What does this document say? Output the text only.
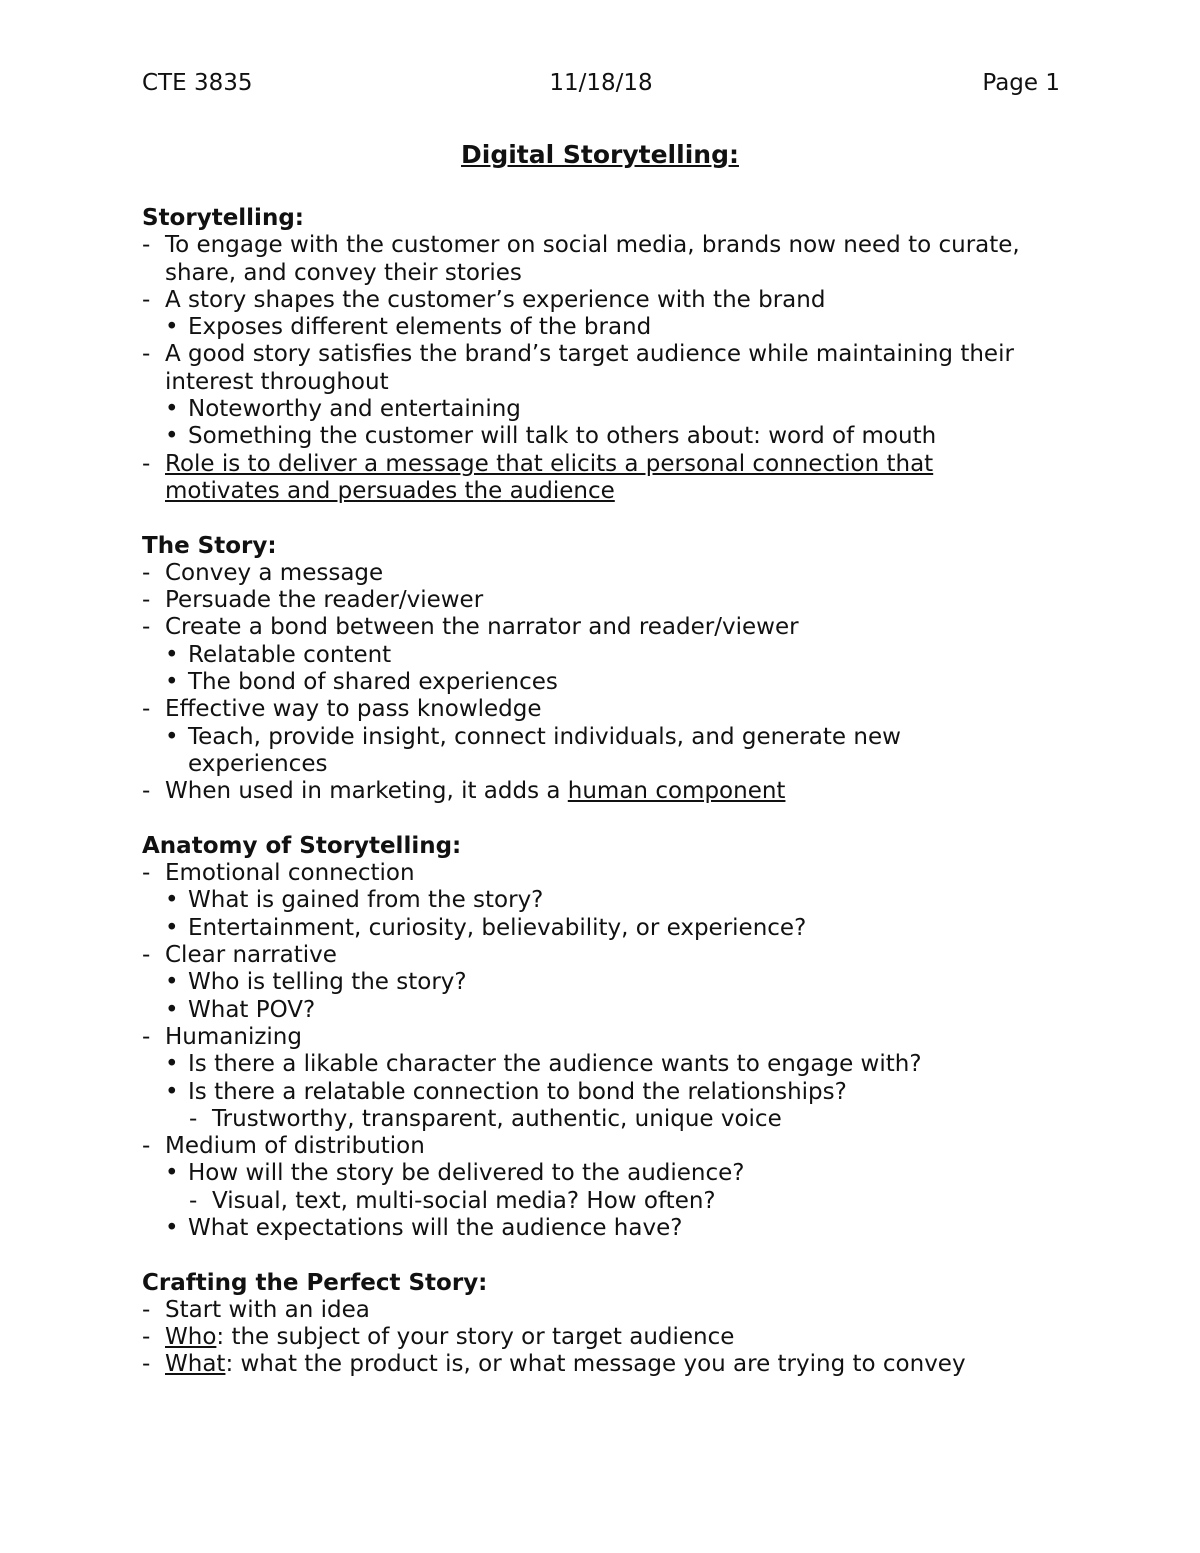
CTE 3835	11/18/18	Page 1
Digital Storytelling:
Storytelling:
- To engage with the customer on social media, brands now need to curate, share, and convey their stories
- A story shapes the customer’s experience with the brand
• Exposes different elements of the brand
- A good story satisfies the brand’s target audience while maintaining their interest throughout
• Noteworthy and entertaining
• Something the customer will talk to others about: word of mouth
- Role is to deliver a message that elicits a personal connection that motivates and persuades the audience
The Story:
- Convey a message
- Persuade the reader/viewer
- Create a bond between the narrator and reader/viewer
• Relatable content
• The bond of shared experiences
- Effective way to pass knowledge
• Teach, provide insight, connect individuals, and generate new experiences
- When used in marketing, it adds a human component
Anatomy of Storytelling:
- Emotional connection
• What is gained from the story?
• Entertainment, curiosity, believability, or experience?
- Clear narrative
• Who is telling the story?
• What POV?
- Humanizing
• Is there a likable character the audience wants to engage with?
• Is there a relatable connection to bond the relationships?
- Trustworthy, transparent, authentic, unique voice
- Medium of distribution
• How will the story be delivered to the audience?
- Visual, text, multi-social media? How often?
• What expectations will the audience have?
Crafting the Perfect Story:
- Start with an idea
- Who: the subject of your story or target audience
- What: what the product is, or what message you are trying to convey
